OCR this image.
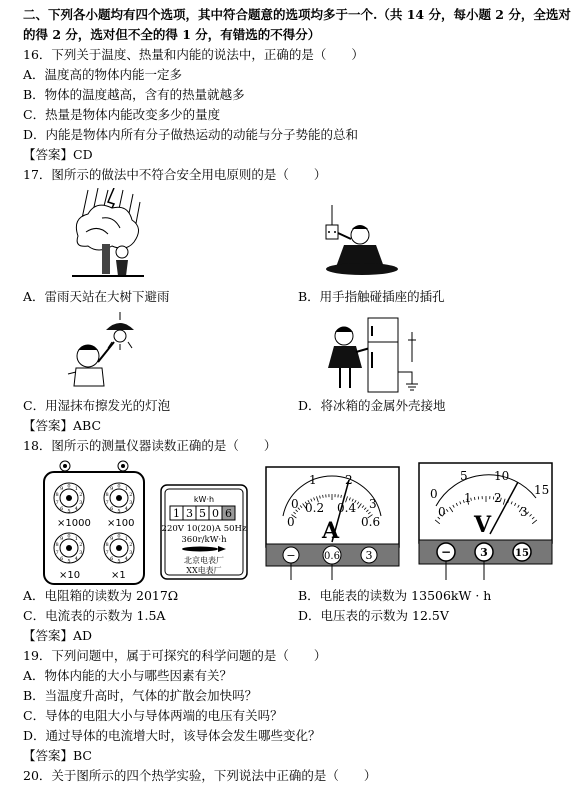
二、下列各小题均有四个选项，其中符合题意的选项均多于一个.（共 14 分，每小题 2 分，全选对
的得 2 分，选对但不全的得 1 分，有错选的不得分）
16．下列关于温度、热量和内能的说法中，正确的是（　　）
A．温度高的物体内能一定多
B．物体的温度越高，含有的热量就越多
C．热量是物体内能改变多少的量度
D．内能是物体内所有分子做热运动的动能与分子势能的总和
【答案】CD
17．图所示的做法中不符合安全用电原则的是（　　）
A．雷雨天站在大树下避雨	B．用手指触碰插座的插孔
C．用湿抹布擦发光的灯泡	D．将冰箱的金属外壳接地
【答案】ABC
18．图所示的测量仪器读数正确的是（　　）
×1000 ×100
×10	×1
0 1
2
3
4
5
6
7
8
9	0 1
2
3
4
5
6
7
8
9
0 1
2
3
4
5
6
7
8
9	0 1
2
3
4
5
6
7
8
9
kW·h
1 3 5 0 6
220V 10(20)A 50Hz
360r/kW·h
北京电表厂
XX电表厂
0
1 2
3
0
0.2 0.4
0.6
A
−	0.6 3
0
5 10
15
0
1 2
3
V
−	3	15
A．电阻箱的读数为 2017Ω	B．电能表的读数为 13506kW · h
C．电流表的示数为 1.5A	D．电压表的示数为 12.5V
【答案】AD
19．下列问题中，属于可探究的科学问题的是（　　）
A．物体内能的大小与哪些因素有关？
B．当温度升高时，气体的扩散会加快吗？
C．导体的电阻大小与导体两端的电压有关吗？
D．通过导体的电流增大时，该导体会发生哪些变化？
【答案】BC
20．关于图所示的四个热学实验，下列说法中正确的是（　　）
